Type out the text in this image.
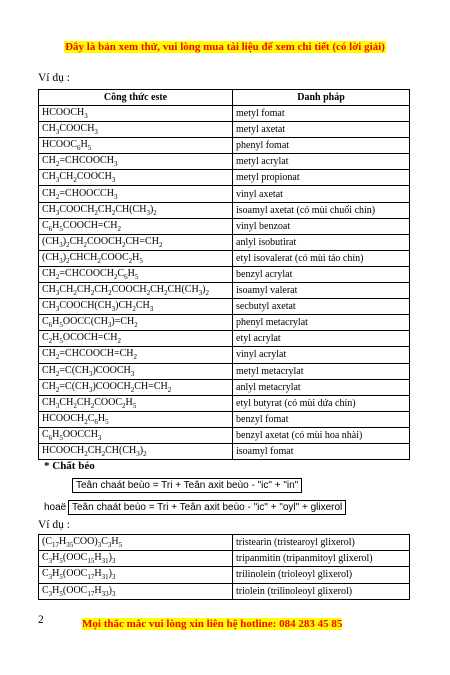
Đây là bản xem thử, vui lòng mua tài liệu để xem chi tiết (có lời giải)
Ví dụ :
Công thức este	Danh pháp
$HCOOCH_3$	metyl fomat
$CH_3COOCH_3$	metyl axetat
$HCOOC_6H_5$	phenyl fomat
$CH_2=CHCOOCH_3$	metyl acrylat
$CH_3CH_2COOCH_3$	metyl propionat
$CH_2=CHOOCCH_3$	vinyl axetat
$CH_3COOCH_2CH_2CH(CH_3)_2$	isoamyl axetat (có mùi chuối chín)
$C_6H_5COOCH=CH_2$	vinyl benzoat
$(CH_3)_2CH_2COOCH_2CH=CH_2$	anlyl isobutirat
$(CH_3)_2CHCH_2COOC_2H_5$	etyl isovalerat (có mùi táo chín)
$CH_2=CHCOOCH_2C_6H_5$	benzyl acrylat
$CH_3CH_2CH_2CH_2COOCH_2CH_2CH(CH_3)_2$	isoamyl valerat
$CH_3COOCH(CH_3)CH_2CH_3$	secbutyl axetat
$C_6H_5OOCC(CH_3)=CH_2$	phenyl metacrylat
$C_2H_5OCOCH=CH_2$	etyl acrylat
$CH_2=CHCOOCH=CH_2$	vinyl acrylat
$CH_2=C(CH_3)COOCH_3$	metyl metacrylat
$CH_2=C(CH_3)COOCH_2CH=CH_2$	anlyl metacrylat
$CH_3CH_2CH_2COOC_2H_5$	etyl butyrat (có mùi dứa chín)
$HCOOCH_2C_6H_5$	benzyl fomat
$C_6H_5OOCCH_3$	benzyl axetat (có mùi hoa nhài)
$HCOOCH_2CH_2CH(CH_3)_2$	isoamyl fomat
* Chất béo
Teân chaát beùo = Tri + Teân axit beùo - "ic" + "in"
hoaë Teân chaát beùo = Tri + Teân axit beùo - "ic" + "oyl" + glixerol
Ví dụ :
$(C_{17}H_{35}COO)_3C_3H_5$	tristearin (tristearoyl glixerol)
$C_3H_5(OOC_{15}H_{31})_3$	tripanmitin (tripanmitoyl glixerol)
$C_3H_5(OOC_{17}H_{31})_3$	trilinolein (trioleoyl glixerol)
$C_3H_5(OOC_{17}H_{33})_3$	triolein (trilinoleoyl glixerol)
2	Mọi thắc mắc vui lòng xin liên hệ hotline: 084 283 45 85
